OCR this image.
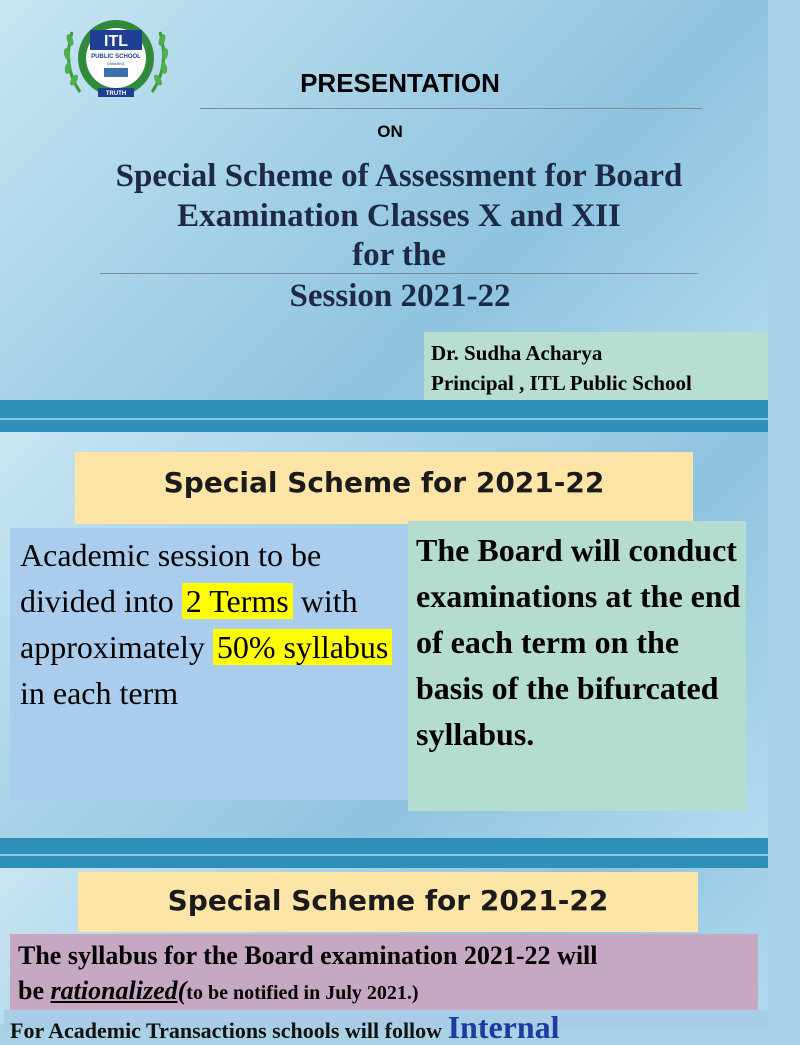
ITL
PUBLIC SCHOOL
DWARKA
TRUTH	PRESENTATION
ON
Special Scheme of Assessment for Board
Examination Classes X and XII
for the
Session 2021-22
Dr. Sudha Acharya
Principal , ITL Public School
Special Scheme for 2021-22
Academic session to be divided into 2 Terms with approximately 50% syllabus in each term
The Board will conduct examinations at the end of each term on the basis of the bifurcated syllabus.
Special Scheme for 2021-22
The syllabus for the Board examination 2021-22 will
be rationalized(to be notified in July 2021.)
For Academic Transactions schools will follow Internal
